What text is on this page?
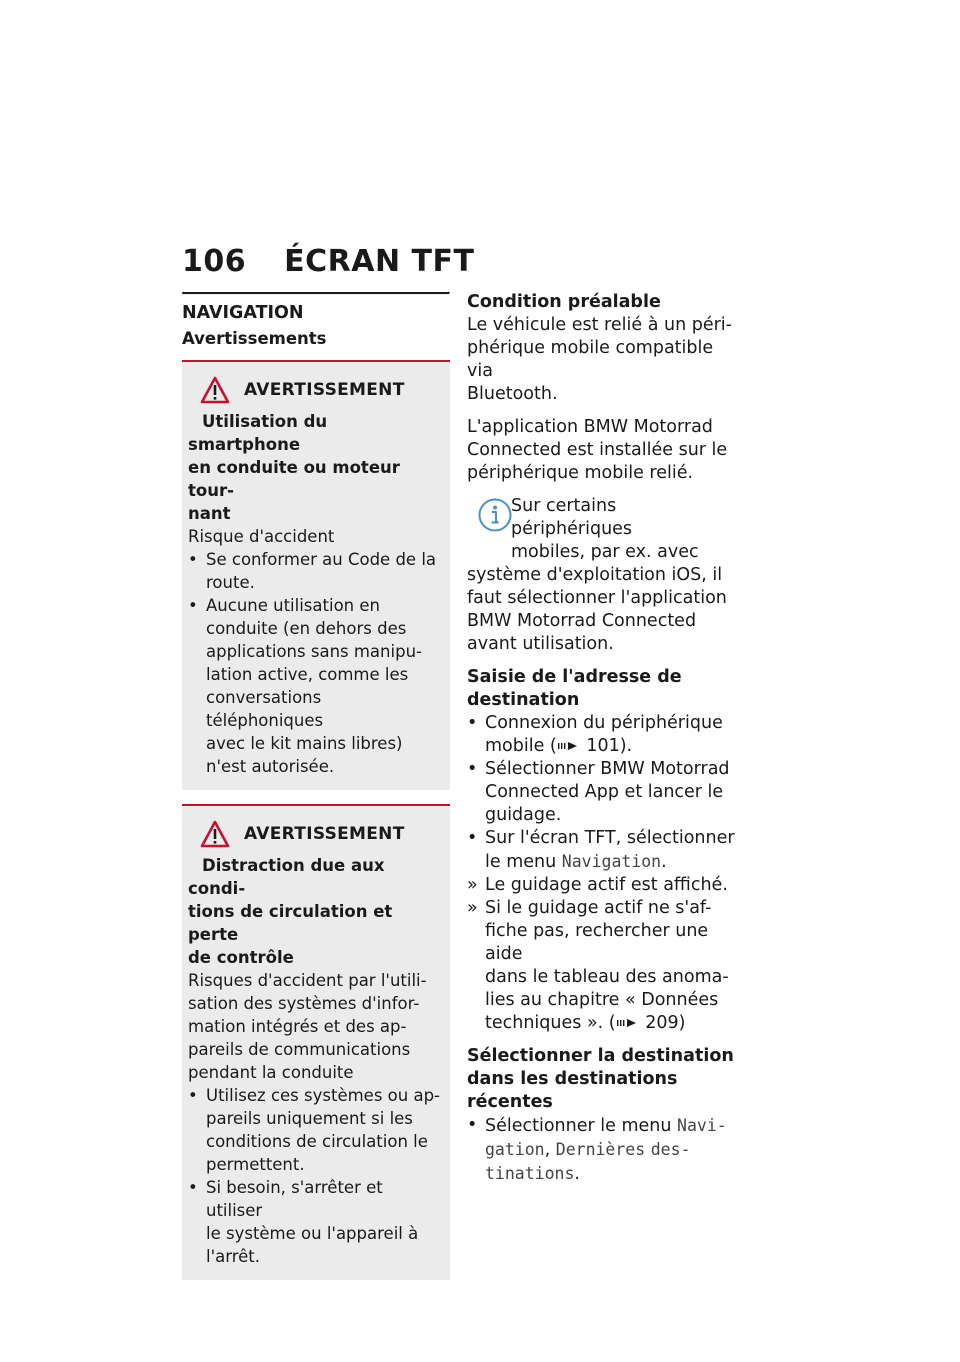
106 ÉCRAN TFT
NAVIGATION
Avertissements
AVERTISSEMENT

Utilisation du smartphone
en conduite ou moteur tour-
nant

Risque d'accident

• Se conformer au Code de la
route.
• Aucune utilisation en
conduite (en dehors des
applications sans manipu-
lation active, comme les
conversations téléphoniques
avec le kit mains libres)
n'est autorisée.
AVERTISSEMENT

Distraction due aux condi-
tions de circulation et perte
de contrôle

Risques d'accident par l'utili-
sation des systèmes d'infor-
mation intégrés et des ap-
pareils de communications
pendant la conduite

• Utilisez ces systèmes ou ap-
pareils uniquement si les
conditions de circulation le
permettent.
• Si besoin, s'arrêter et utiliser
le système ou l'appareil à
l'arrêt.
Condition préalable

Le véhicule est relié à un péri-
phérique mobile compatible via
Bluetooth.

L'application BMW Motorrad
Connected est installée sur le
périphérique mobile relié.

Sur certains périphériques
mobiles, par ex. avec
système d'exploitation iOS, il
faut sélectionner l'application
BMW Motorrad Connected
avant utilisation.
Saisie de l'adresse de
destination
• Connexion du périphérique
mobile ( 101).
• Sélectionner BMW Motorrad
Connected App et lancer le
guidage.
• Sur l'écran TFT, sélectionner
le menu Navigation.
» Le guidage actif est affiché.
» Si le guidage actif ne s'af-
fiche pas, rechercher une aide
dans le tableau des anoma-
lies au chapitre « Données
techniques ». ( 209)
Sélectionner la destination
dans les destinations récentes
• Sélectionner le menu Navi-
gation, Dernières des-
tinations.
